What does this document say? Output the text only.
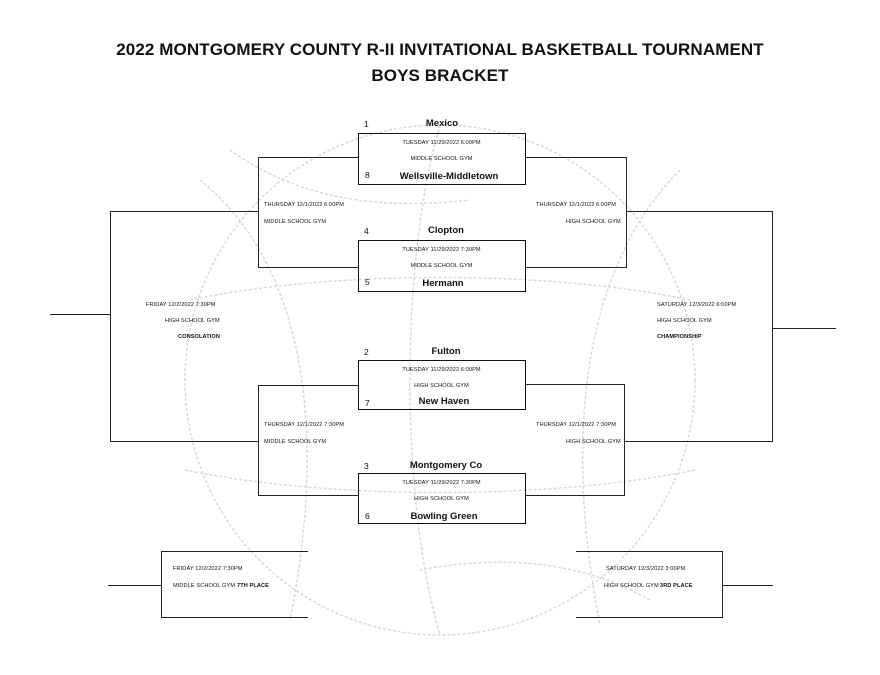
2022 MONTGOMERY COUNTY R-II INVITATIONAL BASKETBALL TOURNAMENT
BOYS BRACKET
1	Mexico
TUESDAY 11/29/2022 6:00PM
MIDDLE SCHOOL GYM
8	Wellsville-Middletown
4	Clopton
TUESDAY 11/29/2022 7:30PM
MIDDLE SCHOOL GYM
5	Hermann
2	Fulton
TUESDAY 11/29/2022 6:00PM
HIGH SCHOOL GYM
7	New Haven
3	Montgomery Co
TUESDAY 11/29/2022 7:30PM
HIGH SCHOOL GYM
6	Bowling Green
THURSDAY 12/1/2022 6:00PM
MIDDLE SCHOOL GYM
THURSDAY 12/1/2022 6:00PM
HIGH SCHOOL GYM
THURSDAY 12/1/2022 7:30PM
MIDDLE SCHOOL GYM
THURSDAY 12/1/2022 7:30PM
HIGH SCHOOL GYM
FRIDAY 12/2/2022 7:30PM
HIGH SCHOOL GYM
CONSOLATION
SATURDAY 12/3/2022 6:00PM
HIGH SCHOOL GYM
CHAMPIONSHIP
FRIDAY 12/2/2022 7:30PM
MIDDLE SCHOOL GYM 7TH PLACE
SATURDAY 12/3/2022 3:00PM
HIGH SCHOOL GYM 3RD PLACE
